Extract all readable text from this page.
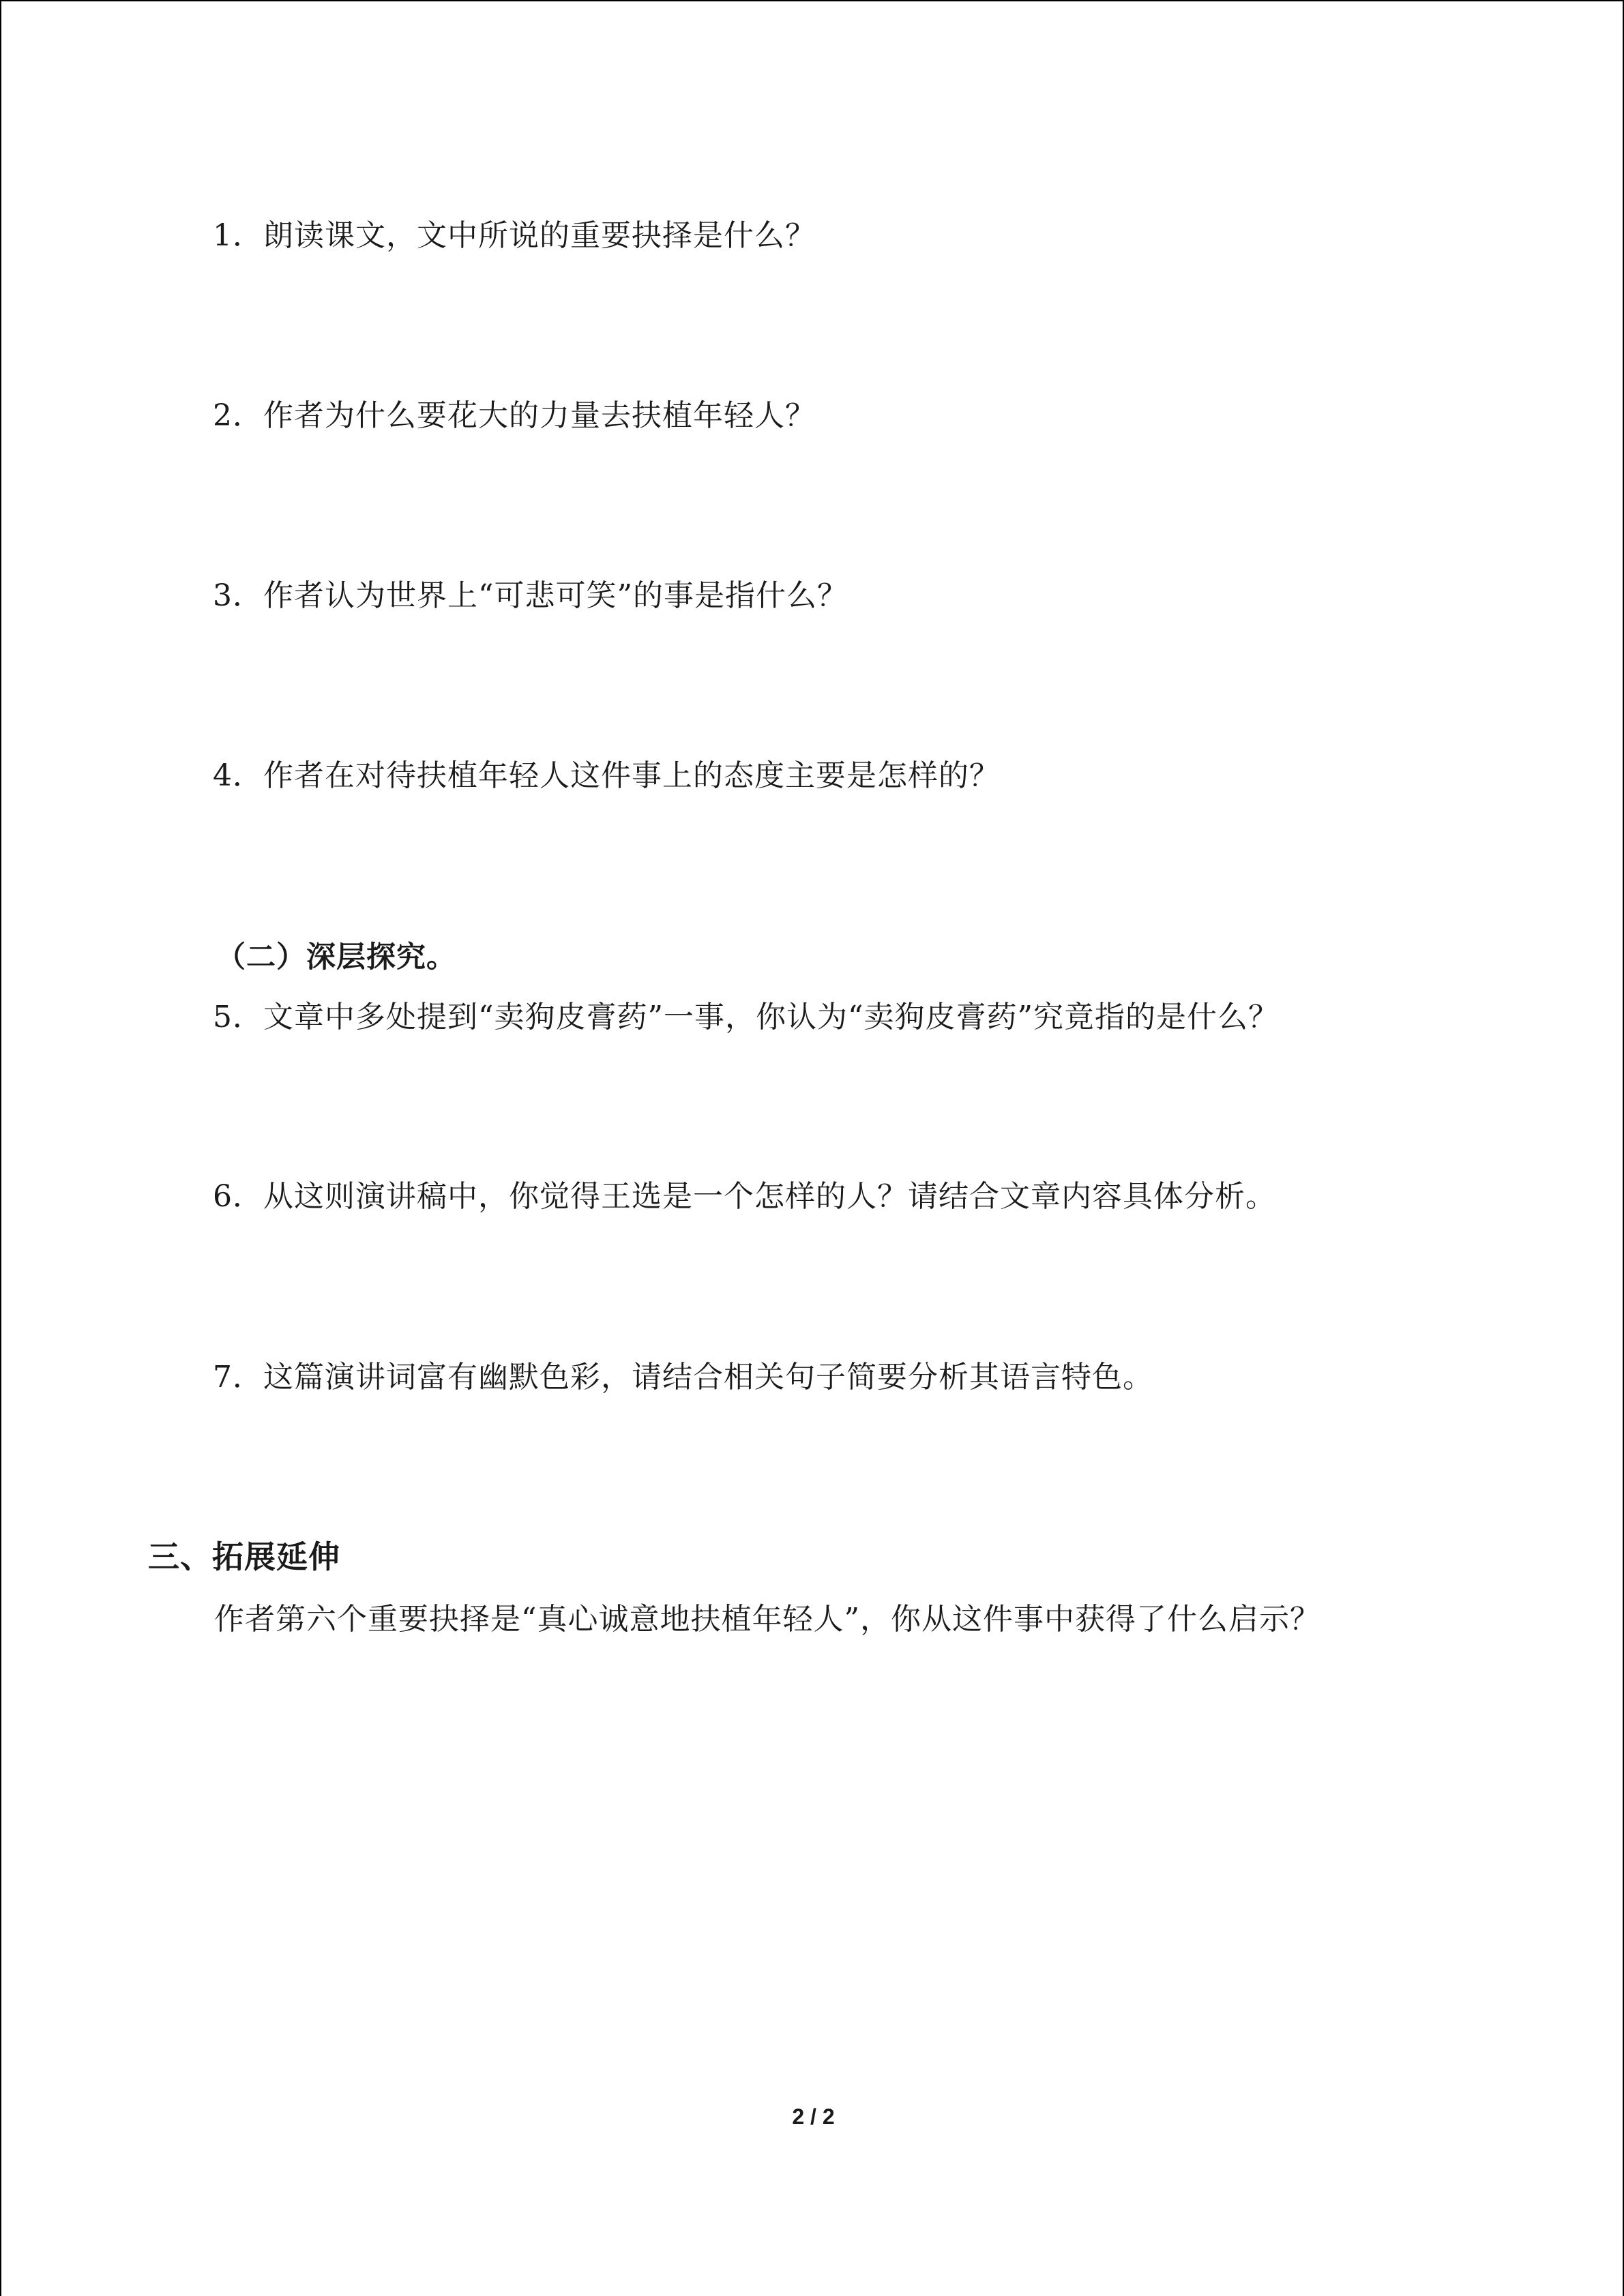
1．朗读课文，文中所说的重要抉择是什么？
2．作者为什么要花大的力量去扶植年轻人？
3．作者认为世界上“可悲可笑”的事是指什么？
4．作者在对待扶植年轻人这件事上的态度主要是怎样的？
（二）深层探究。
5．文章中多处提到“卖狗皮膏药”一事，你认为“卖狗皮膏药”究竟指的是什么？
6．从这则演讲稿中，你觉得王选是一个怎样的人？请结合文章内容具体分析。
7．这篇演讲词富有幽默色彩，请结合相关句子简要分析其语言特色。
三、拓展延伸
作者第六个重要抉择是“真心诚意地扶植年轻人”，你从这件事中获得了什么启示？
2 / 2
